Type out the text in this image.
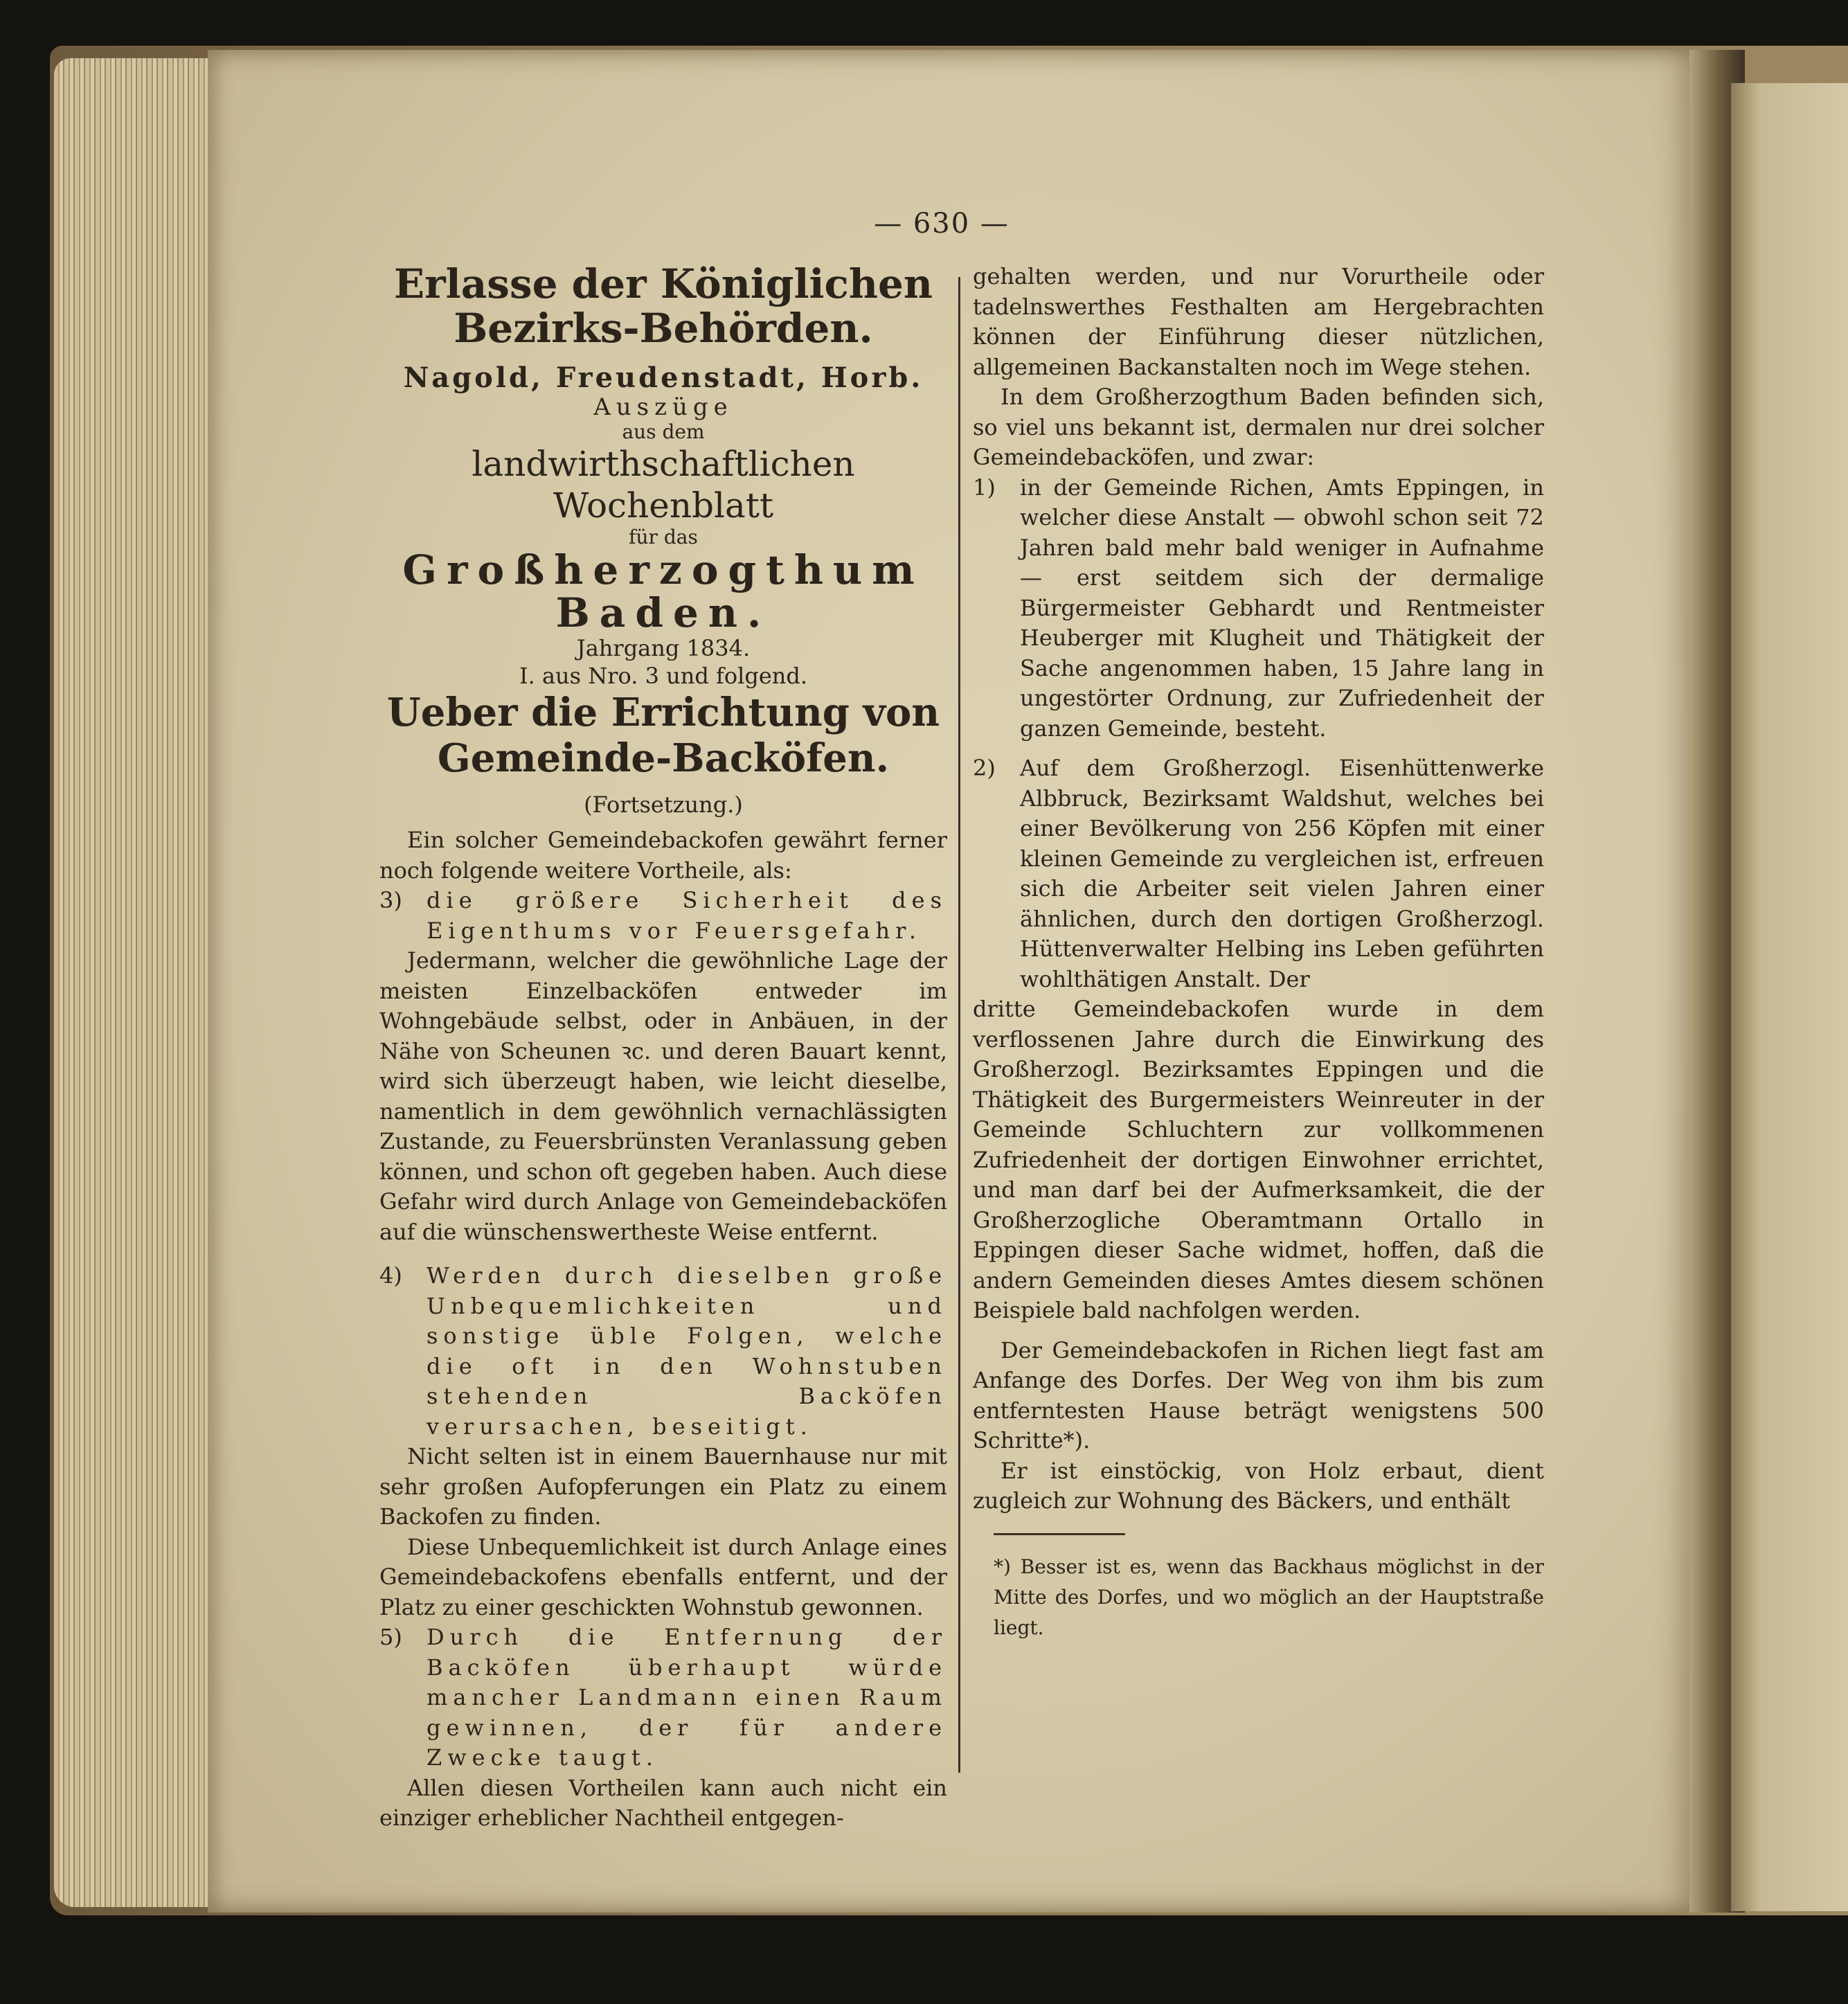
— 630 —

Erlasse der Königlichen Bezirks-Behörden.

Nagold, Freudenstadt, Horb.

Auszüge

aus dem

landwirthschaftlichen Wochenblatt

für das

Großherzogthum Baden.

Jahrgang 1834.

I. aus Nro. 3 und folgend.

Ueber die Errichtung von Gemeinde-Backöfen.

(Fortsetzung.)

Ein solcher Gemeindebackofen gewährt ferner noch folgende weitere Vortheile, als:

3)	die größere Sicherheit des Eigenthums vor Feuersgefahr.

Jedermann, welcher die gewöhnliche Lage der meisten Einzelbacköfen entweder im Wohngebäude selbst, oder in Anbäuen, in der Nähe von Scheunen ꝛc. und deren Bauart kennt, wird sich überzeugt haben, wie leicht dieselbe, namentlich in dem gewöhnlich vernachlässigten Zustande, zu Feuersbrünsten Veranlassung geben können, und schon oft gegeben haben. Auch diese Gefahr wird durch Anlage von Gemeindebacköfen auf die wünschenswertheste Weise entfernt.

4)	Werden durch dieselben große Unbequemlichkeiten und sonstige üble Folgen, welche die oft in den Wohnstuben stehenden Backöfen verursachen, beseitigt.

Nicht selten ist in einem Bauernhause nur mit sehr großen Aufopferungen ein Platz zu einem Backofen zu finden.

Diese Unbequemlichkeit ist durch Anlage eines Gemeindebackofens ebenfalls entfernt, und der Platz zu einer geschickten Wohnstub gewonnen.

5)	Durch die Entfernung der Backöfen überhaupt würde mancher Landmann einen Raum gewinnen, der für andere Zwecke taugt.

Allen diesen Vortheilen kann auch nicht ein einziger erheblicher Nachtheil entgegen-

gehalten werden, und nur Vorurtheile oder tadelnswerthes Festhalten am Hergebrachten können der Einführung dieser nützlichen, allgemeinen Backanstalten noch im Wege stehen.

In dem Großherzogthum Baden befinden sich, so viel uns bekannt ist, dermalen nur drei solcher Gemeindebacköfen, und zwar:

1)	in der Gemeinde Richen, Amts Eppingen, in welcher diese Anstalt — obwohl schon seit 72 Jahren bald mehr bald weniger in Aufnahme — erst seitdem sich der dermalige Bürgermeister Gebhardt und Rentmeister Heuberger mit Klugheit und Thätigkeit der Sache angenommen haben, 15 Jahre lang in ungestörter Ordnung, zur Zufriedenheit der ganzen Gemeinde, besteht.
2)	Auf dem Großherzogl. Eisenhüttenwerke Albbruck, Bezirksamt Waldshut, welches bei einer Bevölkerung von 256 Köpfen mit einer kleinen Gemeinde zu vergleichen ist, erfreuen sich die Arbeiter seit vielen Jahren einer ähnlichen, durch den dortigen Großherzogl. Hüttenverwalter Helbing ins Leben geführten wohlthätigen Anstalt. Der

dritte Gemeindebackofen wurde in dem verflossenen Jahre durch die Einwirkung des Großherzogl. Bezirksamtes Eppingen und die Thätigkeit des Burgermeisters Weinreuter in der Gemeinde Schluchtern zur vollkommenen Zufriedenheit der dortigen Einwohner errichtet, und man darf bei der Aufmerksamkeit, die der Großherzogliche Oberamtmann Ortallo in Eppingen dieser Sache widmet, hoffen, daß die andern Gemeinden dieses Amtes diesem schönen Beispiele bald nachfolgen werden.

Der Gemeindebackofen in Richen liegt fast am Anfange des Dorfes. Der Weg von ihm bis zum entferntesten Hause beträgt wenigstens 500 Schritte*).

Er ist einstöckig, von Holz erbaut, dient zugleich zur Wohnung des Bäckers, und enthält

*) Besser ist es, wenn das Backhaus möglichst in der Mitte des Dorfes, und wo möglich an der Hauptstraße liegt.
